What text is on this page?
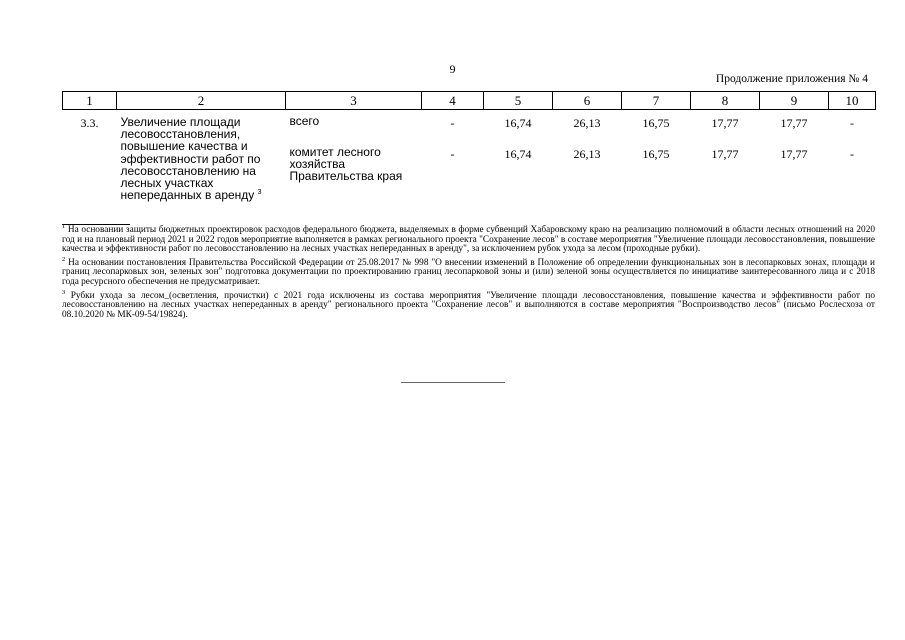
9
Продолжение приложения № 4
1	2	3	4	5	6	7	8	9	10
3.3.	Увеличение площади лесовосстановления, повышение качества и эффективности работ по лесовосстановлению на лесных участках непереданных в аренду $^3$	всего	-	16,74	26,13	16,75	17,77	17,77	-
		комитет лесного хозяйства Правительства края	-	16,74	26,13	16,75	17,77	17,77	-

$^1$ На основании защиты бюджетных проектировок расходов федерального бюджета, выделяемых в форме субвенций Хабаровскому краю на реализацию полномочий в области лесных отношений на 2020 год и на плановый период 2021 и 2022 годов мероприятие выполняется в рамках регионального проекта "Сохранение лесов" в составе мероприятия "Увеличение площади лесовосстановления, повышение качества и эффективности работ по лесовосстановлению на лесных участках непереданных в аренду", за исключением рубок ухода за лесом (проходные рубки).

$^2$ На основании постановления Правительства Российской Федерации от 25.08.2017 № 998 "О внесении изменений в Положение об определении функциональных зон в лесопарковых зонах, площади и границ лесопарковых зон, зеленых зон" подготовка документации по проектированию границ лесопарковой зоны и (или) зеленой зоны осуществляется по инициативе заинтересованного лица и с 2018 года ресурсного обеспечения не предусматривает.

$^3$ Рубки ухода за лесом_(осветления, прочистки) с 2021 года исключены из состава мероприятия "Увеличение площади лесовосстановления, повышение качества и эффективности работ по лесовосстановлению на лесных участках непереданных в аренду" регионального проекта "Сохранение лесов" и выполняются в составе мероприятия "Воспроизводство лесов" (письмо Рослесхоза от 08.10.2020 № МК-09-54/19824).
